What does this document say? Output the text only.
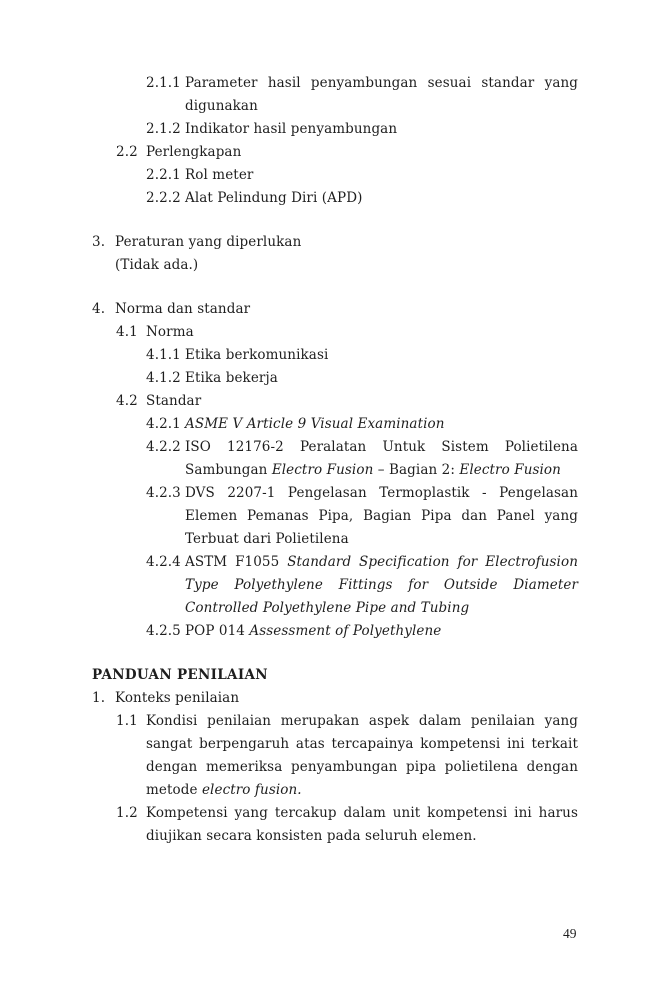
2.1.1 Parameter hasil penyambungan sesuai standar yang digunakan
2.1.2 Indikator hasil penyambungan
2.2 Perlengkapan
2.2.1 Rol meter
2.2.2 Alat Pelindung Diri (APD)
3. Peraturan yang diperlukan
(Tidak ada.)
4. Norma dan standar
4.1 Norma
4.1.1 Etika berkomunikasi
4.1.2 Etika bekerja
4.2 Standar
4.2.1 ASME V Article 9 Visual Examination
4.2.2 ISO 12176-2 Peralatan Untuk Sistem Polietilena Sambungan Electro Fusion – Bagian 2: Electro Fusion
4.2.3 DVS 2207-1 Pengelasan Termoplastik - Pengelasan Elemen Pemanas Pipa, Bagian Pipa dan Panel yang Terbuat dari Polietilena
4.2.4 ASTM F1055 Standard Specification for Electrofusion Type Polyethylene Fittings for Outside Diameter Controlled Polyethylene Pipe and Tubing
4.2.5 POP 014 Assessment of Polyethylene
PANDUAN PENILAIAN
1. Konteks penilaian
1.1 Kondisi penilaian merupakan aspek dalam penilaian yang sangat berpengaruh atas tercapainya kompetensi ini terkait dengan memeriksa penyambungan pipa polietilena dengan metode electro fusion.
1.2 Kompetensi yang tercakup dalam unit kompetensi ini harus diujikan secara konsisten pada seluruh elemen.
49
